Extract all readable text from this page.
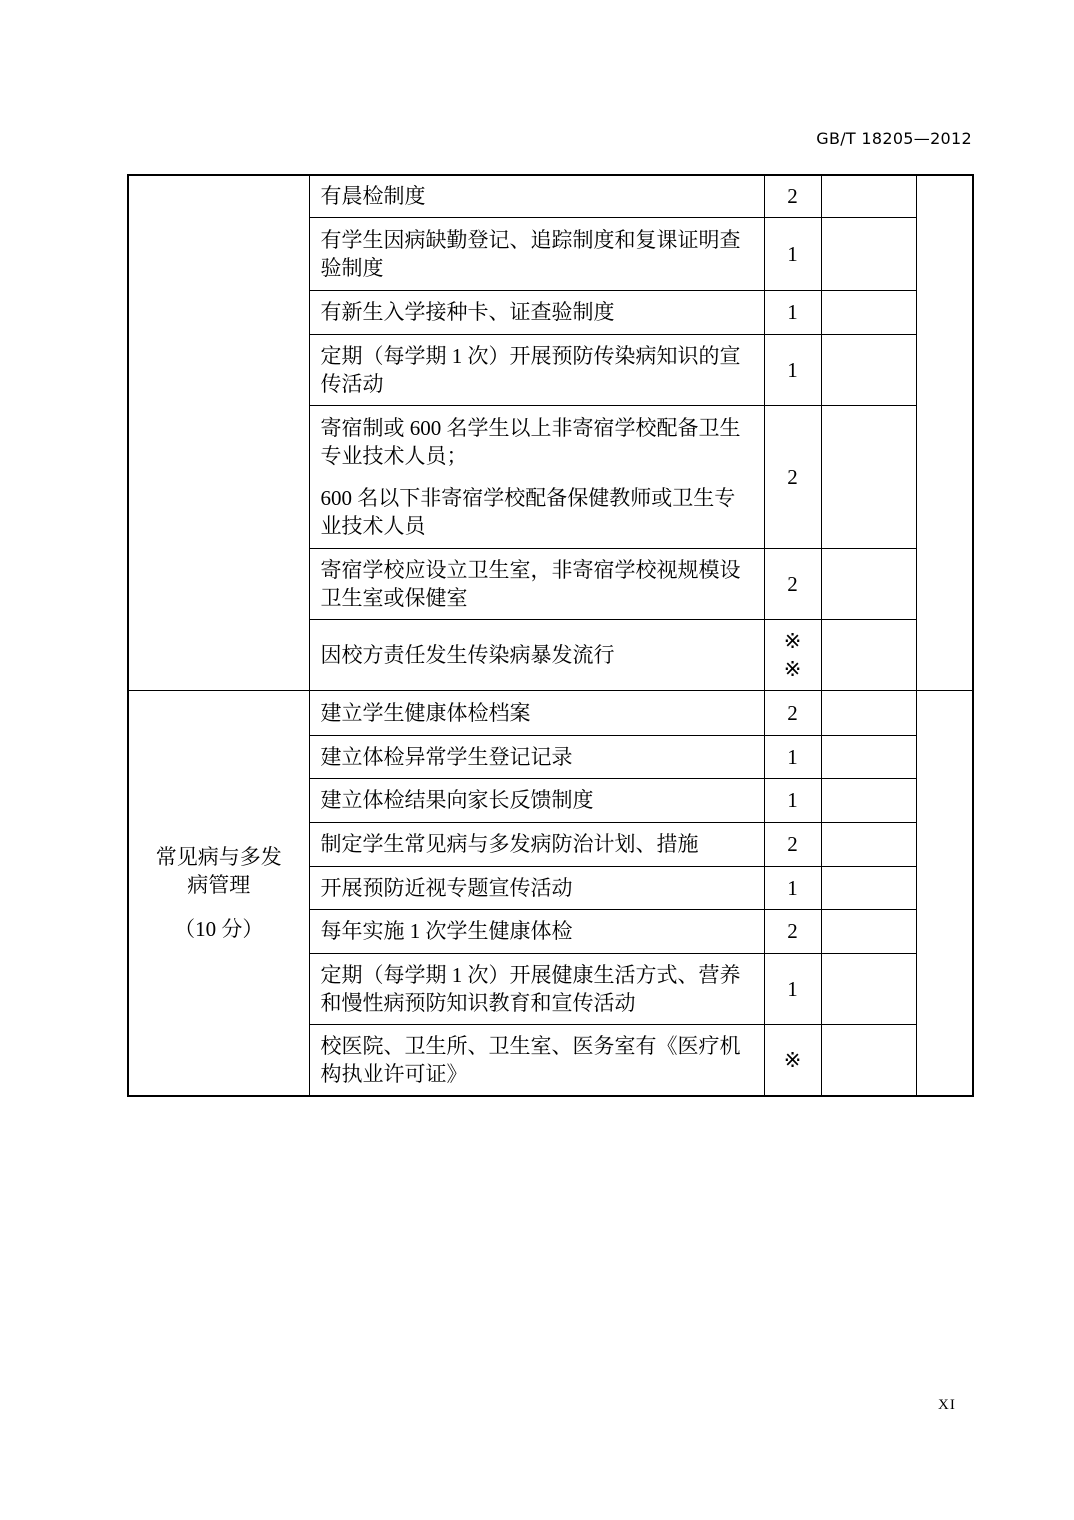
GB/T 18205—2012

	有晨检制度	2		

	有学生因病缺勤登记、追踪制度和复课证明查
验制度	1		

	有新生入学接种卡、证查验制度	1		

	定期（每学期 1 次）开展预防传染病知识的宣
传活动	1		

	寄宿制或 600 名学生以上非寄宿学校配备卫生
专业技术人员；
600 名以下非寄宿学校配备保健教师或卫生专
业技术人员	2		

	寄宿学校应设立卫生室，非寄宿学校视规模设
卫生室或保健室	2		

	因校方责任发生传染病暴发流行	※
※		

常见病与多发
病管理
（10 分）	建立学生健康体检档案	2		

	建立体检异常学生登记记录	1		

	建立体检结果向家长反馈制度	1		

	制定学生常见病与多发病防治计划、措施	2		

	开展预防近视专题宣传活动	1		

	每年实施 1 次学生健康体检	2		

	定期（每学期 1 次）开展健康生活方式、营养
和慢性病预防知识教育和宣传活动	1		

	校医院、卫生所、卫生室、医务室有《医疗机
构执业许可证》	※		
XI
